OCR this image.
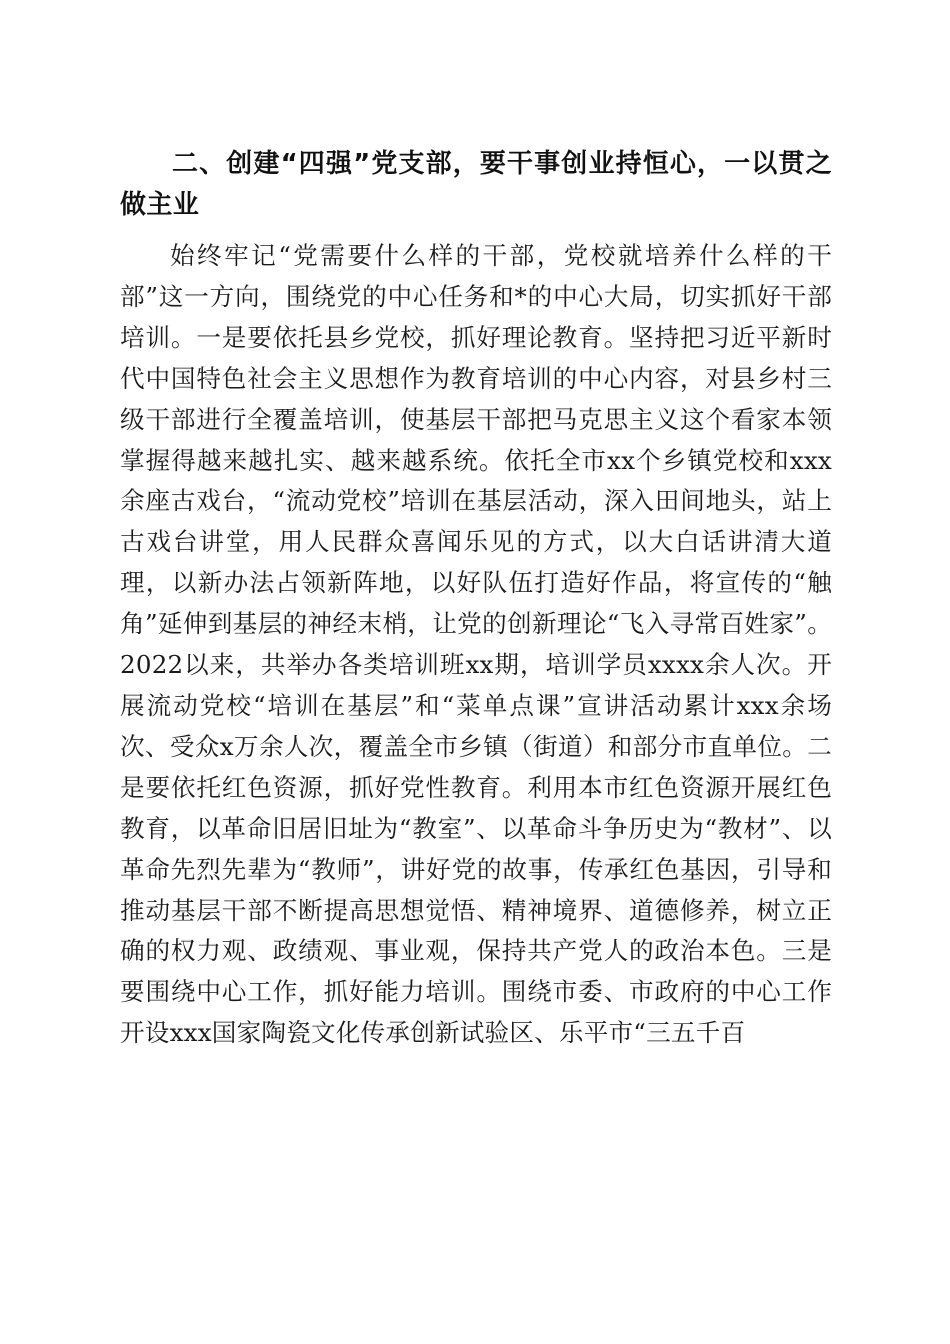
二、创建“四强”党支部，要干事创业持恒心，一以贯之做主业

始终牢记“党需要什么样的干部，党校就培养什么样的干部”这一方向，围绕党的中心任务和*的中心大局，切实抓好干部培训。一是要依托县乡党校，抓好理论教育。坚持把习近平新时代中国特色社会主义思想作为教育培训的中心内容，对县乡村三级干部进行全覆盖培训，使基层干部把马克思主义这个看家本领掌握得越来越扎实、越来越系统。依托全市xx个乡镇党校和xxx余座古戏台，“流动党校”培训在基层活动，深入田间地头，站上古戏台讲堂，用人民群众喜闻乐见的方式，以大白话讲清大道理，以新办法占领新阵地，以好队伍打造好作品，将宣传的“触角”延伸到基层的神经末梢，让党的创新理论“飞入寻常百姓家”。2022以来，共举办各类培训班xx期，培训学员xxxx余人次。开展流动党校“培训在基层”和“菜单点课”宣讲活动累计xxx余场次、受众x万余人次，覆盖全市乡镇（街道）和部分市直单位。二是要依托红色资源，抓好党性教育。利用本市红色资源开展红色教育，以革命旧居旧址为“教室”、以革命斗争历史为“教材”、以革命先烈先辈为“教师”，讲好党的故事，传承红色基因，引导和推动基层干部不断提高思想觉悟、精神境界、道德修养，树立正确的权力观、政绩观、事业观，保持共产党人的政治本色。三是要围绕中心工作，抓好能力培训。围绕市委、市政府的中心工作开设xxx国家陶瓷文化传承创新试验区、乐平市“三五千百
